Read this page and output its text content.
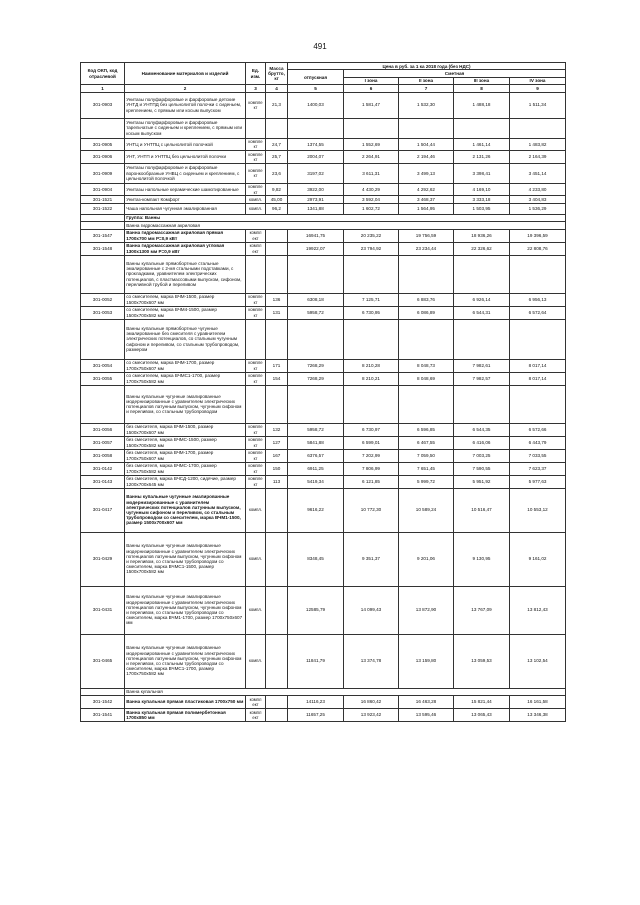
491
Код ОКП, код отраслевой	Наименование материалов и изделий	Ед. изм.	Масса брутто, кг	Цена в руб. за 1 ка 2018 года (без НДС)				
				отпускная	Сметная			
					I зона	II зона	III зона	IV зона
1	2	3	4	5	6	7	8	9
301-0903	Унитазы полуфарфоровые и фарфоровые детские УНТД и УНТПД без цельнолитой полочки с сиденьем, креплением, с прямым или косым выпуском	компле кт	21,3	1400,03	1 581,47	1 532,30	1 488,18	1 511,34
	Унитазы полуфарфоровые и фарфоровые тарельчатые с сиденьем и креплением, с прямым или косым выпуском							
301-0905	УНТЦ и УНТПЦ с цельнолитой полочкой	компле кт	24,7	1374,55	1 552,69	1 504,44	1 461,14	1 483,82
301-0906	УНТ, УНТП и УНТПЦ без цельнолитой полочки	компле кт	25,7	2004,07	2 264,91	2 194,46	2 131,26	2 164,39
301-0909	Унитазы полуфарфоровые и фарфоровые воронкообразные УНВЦ с сиденьем и креплением, с цельнолитой полочкой	компле кт	23,6	3197,02	3 611,31	3 499,13	3 398,41	3 451,14
301-0904	Унитазы напольные керамические шамотированные	компле кт	9,82	3922,00	4 430,29	4 292,62	4 169,10	4 233,80
301-1521	Унитаз-компакт Комфорт	компл.	45,00	2973,91	3 592,04	3 468,37	3 333,18	3 404,83
301-1522	Чаша напольная чугунная эмалированная	компл.	96,2	1341,88	1 602,72	1 564,95	1 503,95	1 536,29
	Группа: Ванны							
	Ванна гидромассажная акриловая							
301-1547	Ванна гидромассажная акриловая прямая 1700х700 мм Р=0,9 кВт	компл ект		16941,75	20 235,22	19 756,59	18 936,26	19 396,59
301-1548	Ванна гидромассажная акриловая угловая 1300х1300 мм Р=0,9 кВт	компл ект		19922,07	23 794,92	23 234,44	22 326,62	22 808,76
	Ванны купальные прямобортные стальные эмалированные с 2-мя стальными подставками, с прокладками, уравнителем электрических потенциалов, с пластмассовыми выпуском, сифоном, переливной трубой и переливом							
301-0052	со смесителем, марка ВЧМ-1500, размер 1500х700х607 мм	компле кт	136	6308,18	7 125,71	6 883,76	6 926,14	6 956,13
301-0053	со смесителем, марка ВЧМ4-1500, размер 1500х700х582 мм	компле кт	131	5958,72	6 730,95	6 086,89	6 544,31	6 572,64
	Ванны купальные прямобортные чугунные эмалированные без смесителя с уравнителем электрических потенциалов, со стальным чугунным сифоном и переливом, со стальным трубопроводом, размером							
301-0054	со смесителем, марка ВЧМ-1700, размер 1700х750х607 мм	компле кт	171	7268,29	8 210,28	8 048,73	7 982,61	8 017,14
301-0055	со смесителем, марка ВЧМС1-1700, размер 1700х750х582 мм	компле кт	154	7268,29	8 210,21	8 048,69	7 982,57	8 017,14
	Ванны купальные чугунные эмалированные модернизированные с уравнителем электрических потенциалов латунным выпуском, чугунным сифоном и переливом, со стальным трубопроводом							
301-0056	без смесителя, марка ВЧМ-1500, размер 1500х700х607 мм	компле кт	132	5958,72	6 730,97	6 596,85	6 544,35	6 572,66
301-0057	без смесителя, марка ВЧМС-1500, размер 1500х700х582 мм	компле кт	127	5841,88	6 599,01	6 467,55	6 416,06	6 443,79
301-0058	без смесителя, марка ВЧМ-1700, размер 1700х750х607 мм	компле кт	167	6376,57	7 202,99	7 059,50	7 003,25	7 033,55
301-0142	без смесителя, марка ВЧМС-1700, размер 1700х750х582 мм	компле кт	150	6911,25	7 806,99	7 651,45	7 590,55	7 623,37
301-0143	без смесителя, марка ВЧСД-1200, сидячие, размер 1200х700х645 мм	компле кт	113	5419,34	6 121,85	5 999,72	5 951,92	5 977,63
301-0417	Ванны купальные чугунные эмалированные модернизированные с уравнителем электрических потенциалов латунным выпуском, чугунным сифоном и переливом, со стальным трубопроводом со смесителем, марка ВЧМ1-1500, размер 1500х700х607 мм	компл.		9616,22	10 772,30	10 589,24	10 516,47	10 553,12
301-0429	Ванны купальные чугунные эмалированные модернизированные с уравнителем электрических потенциалов латунным выпуском, чугунным сифоном и переливом, со стальным трубопроводом со смесителем, марка ВЧМС1-1500, размер 1500х700х582 мм	компл.		8348,45	9 351,37	9 201,06	9 130,95	9 161,02
301-0431	Ванны купальные чугунные эмалированные модернизированные с уравнителем электрических потенциалов латунным выпуском, чугунным сифоном и переливом, со стальным трубопроводом со смесителем, марка ВЧМ1-1700, размер 1700х750х607 мм	компл.		12585,79	14 099,43	13 872,90	13 767,09	13 812,43
301-0465	Ванны купальные чугунные эмалированные модернизированные с уравнителем электрических потенциалов латунным выпуском, чугунным сифоном и переливом, со стальным трубопроводом со смесителем, марка ВЧМС1-1700, размер 1700х750х582 мм	компл.		11841,79	13 374,78	13 159,80	13 059,53	13 102,54
	Ванна купальная							
301-1542	Ванна купальная прямая пластиковая 1700х750 мм	компл ект		14116,23	16 860,42	16 463,28	15 821,44	16 161,58
301-1541	Ванна купальная прямая полимербетонная 1700х850 мм	компл ект		11657,25	13 923,42	13 595,46	13 065,43	13 346,38
